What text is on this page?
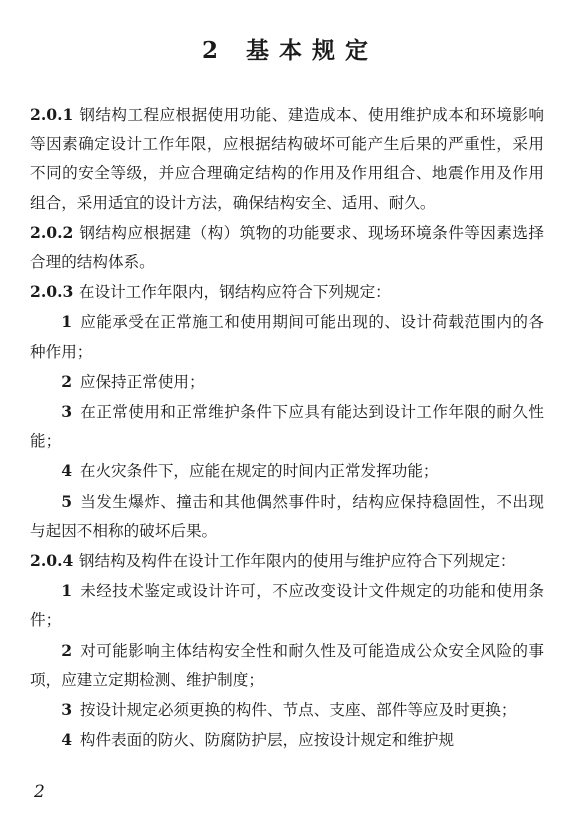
2 基本规定

2.0.1 钢结构工程应根据使用功能、建造成本、使用维护成本和环境影响等因素确定设计工作年限，应根据结构破坏可能产生后果的严重性，采用不同的安全等级，并应合理确定结构的作用及作用组合、地震作用及作用组合，采用适宜的设计方法，确保结构安全、适用、耐久。

2.0.2 钢结构应根据建（构）筑物的功能要求、现场环境条件等因素选择合理的结构体系。

2.0.3 在设计工作年限内，钢结构应符合下列规定：

1 应能承受在正常施工和使用期间可能出现的、设计荷载范围内的各种作用；

2 应保持正常使用；

3 在正常使用和正常维护条件下应具有能达到设计工作年限的耐久性能；

4 在火灾条件下，应能在规定的时间内正常发挥功能；

5 当发生爆炸、撞击和其他偶然事件时，结构应保持稳固性，不出现与起因不相称的破坏后果。

2.0.4 钢结构及构件在设计工作年限内的使用与维护应符合下列规定：

1 未经技术鉴定或设计许可，不应改变设计文件规定的功能和使用条件；

2 对可能影响主体结构安全性和耐久性及可能造成公众安全风险的事项，应建立定期检测、维护制度；

3 按设计规定必须更换的构件、节点、支座、部件等应及时更换；

4 构件表面的防火、防腐防护层，应按设计规定和维护规

2
